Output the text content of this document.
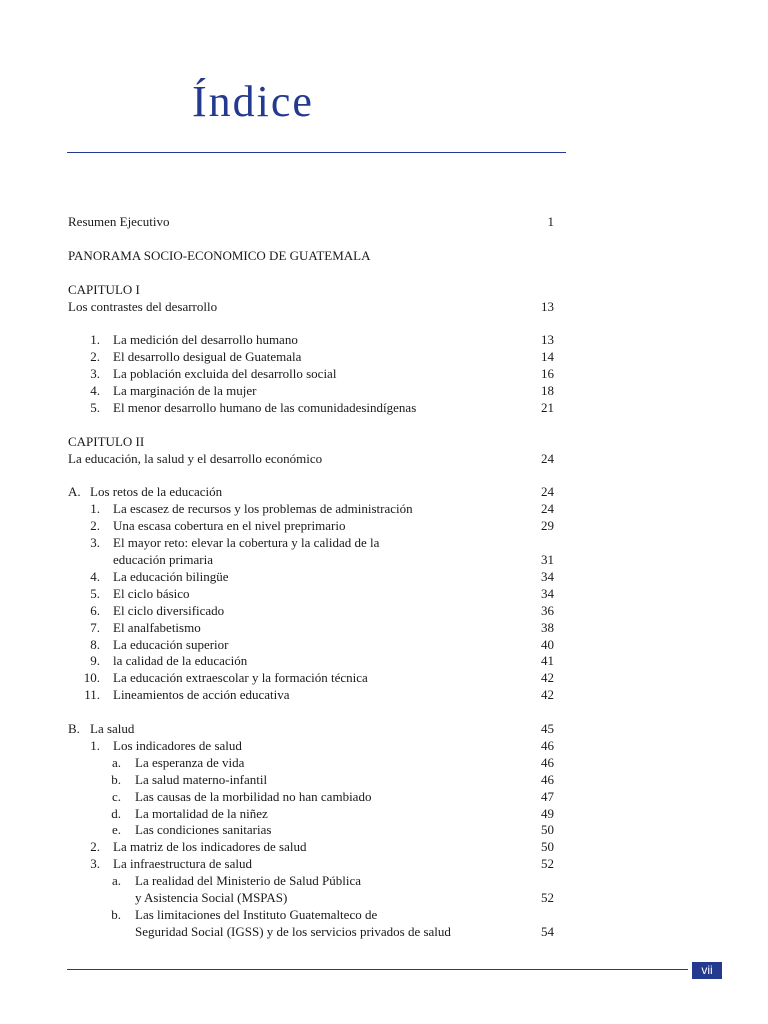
Índice
Resumen Ejecutivo	1
PANORAMA SOCIO-ECONOMICO DE GUATEMALA
CAPITULO I
Los contrastes del desarrollo	13
1. La medición del desarrollo humano	13
2. El desarrollo desigual de Guatemala	14
3. La población excluida del desarrollo social	16
4. La marginación de la mujer	18
5. El menor desarrollo humano de las comunidadesindígenas	21
CAPITULO II
La educación, la salud y el desarrollo económico	24
A. Los retos de la educación	24
1. La escasez de recursos y los problemas de administración	24
2. Una escasa cobertura en el nivel preprimario	29
3. El mayor reto: elevar la cobertura y la calidad de la
educación primaria	31
4. La educación bilingüe	34
5. El ciclo básico	34
6. El ciclo diversificado	36
7. El analfabetismo	38
8. La educación superior	40
9. la calidad de la educación	41
10. La educación extraescolar y la formación técnica	42
11. Lineamientos de acción educativa	42
B. La salud	45
1. Los indicadores de salud	46
a. La esperanza de vida	46
b. La salud materno-infantil	46
c. Las causas de la morbilidad no han cambiado	47
d. La mortalidad de la niñez	49
e. Las condiciones sanitarias	50
2. La matriz de los indicadores de salud	50
3. La infraestructura de salud	52
a. La realidad del Ministerio de Salud Pública
y Asistencia Social (MSPAS)	52
b. Las limitaciones del Instituto Guatemalteco de
Seguridad Social (IGSS) y de los servicios privados de salud	54
vii
